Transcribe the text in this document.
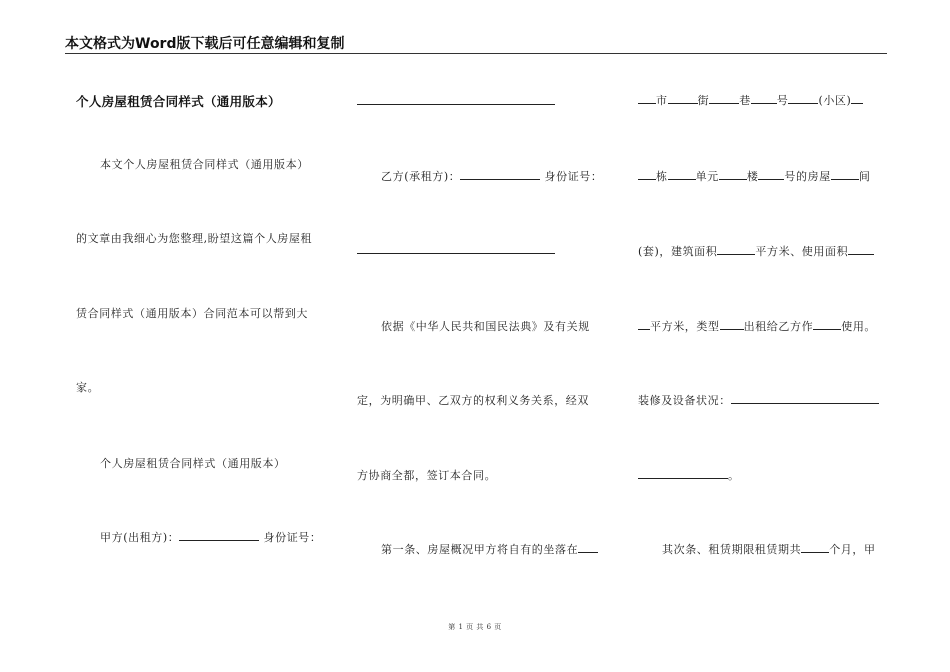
本文格式为Word版下载后可任意编辑和复制
个人房屋租赁合同样式（通用版本）
本文个人房屋租赁合同样式（通用版本）
的文章由我细心为您整理,盼望这篇个人房屋租
赁合同样式（通用版本）合同范本可以帮到大
家。
个人房屋租赁合同样式（通用版本）
甲方(出租方)：	身份证号：
乙方(承租方)：	身份证号：
依据《中华人民共和国民法典》及有关规
定，为明确甲、乙双方的权利义务关系，经双
方协商全都，签订本合同。
第一条、房屋概况甲方将自有的坐落在
市	街	巷 号	(小区)
栋	单元	楼 号的房屋	间
(套)，建筑面积	平方米、使用面积
平方米，类型 出租给乙方作	使用。
装修及设备状况：
。
其次条、租赁期限租赁期共	个月，甲
第 1 页 共 6 页
